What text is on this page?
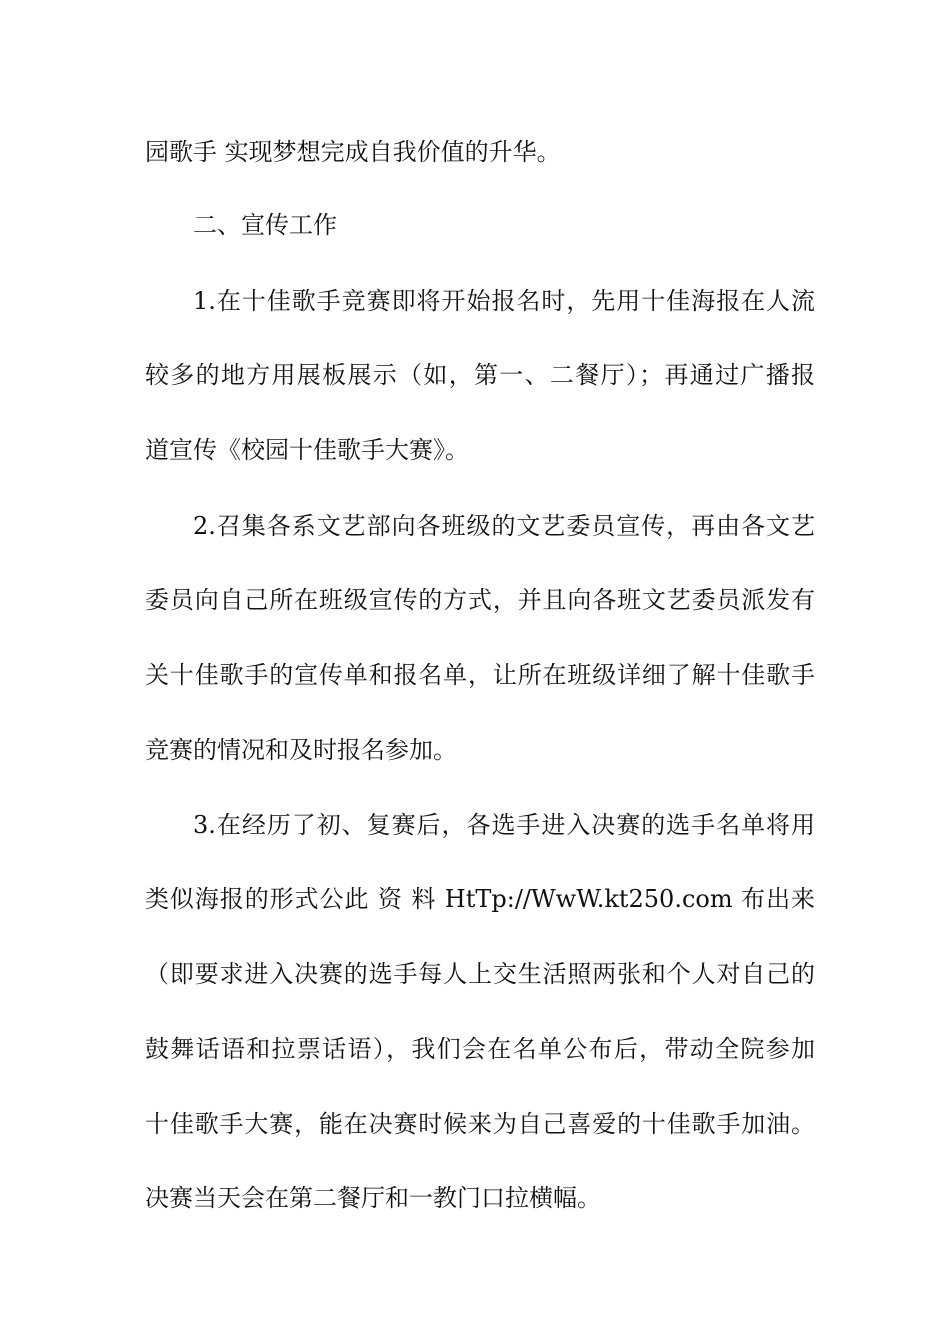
园歌手 实现梦想完成自我价值的升华。
二、宣传工作
1.在十佳歌手竞赛即将开始报名时，先用十佳海报在人流
较多的地方用展板展示（如，第一、二餐厅）；再通过广播报
道宣传《校园十佳歌手大赛》。
2.召集各系文艺部向各班级的文艺委员宣传，再由各文艺
委员向自己所在班级宣传的方式，并且向各班文艺委员派发有
关十佳歌手的宣传单和报名单，让所在班级详细了解十佳歌手
竞赛的情况和及时报名参加。
3.在经历了初、复赛后，各选手进入决赛的选手名单将用
类似海报的形式公此 资 料 HtTp://WwW.kt250.com 布出来
（即要求进入决赛的选手每人上交生活照两张和个人对自己的
鼓舞话语和拉票话语），我们会在名单公布后，带动全院参加
十佳歌手大赛，能在决赛时候来为自己喜爱的十佳歌手加油。
决赛当天会在第二餐厅和一教门口拉横幅。
